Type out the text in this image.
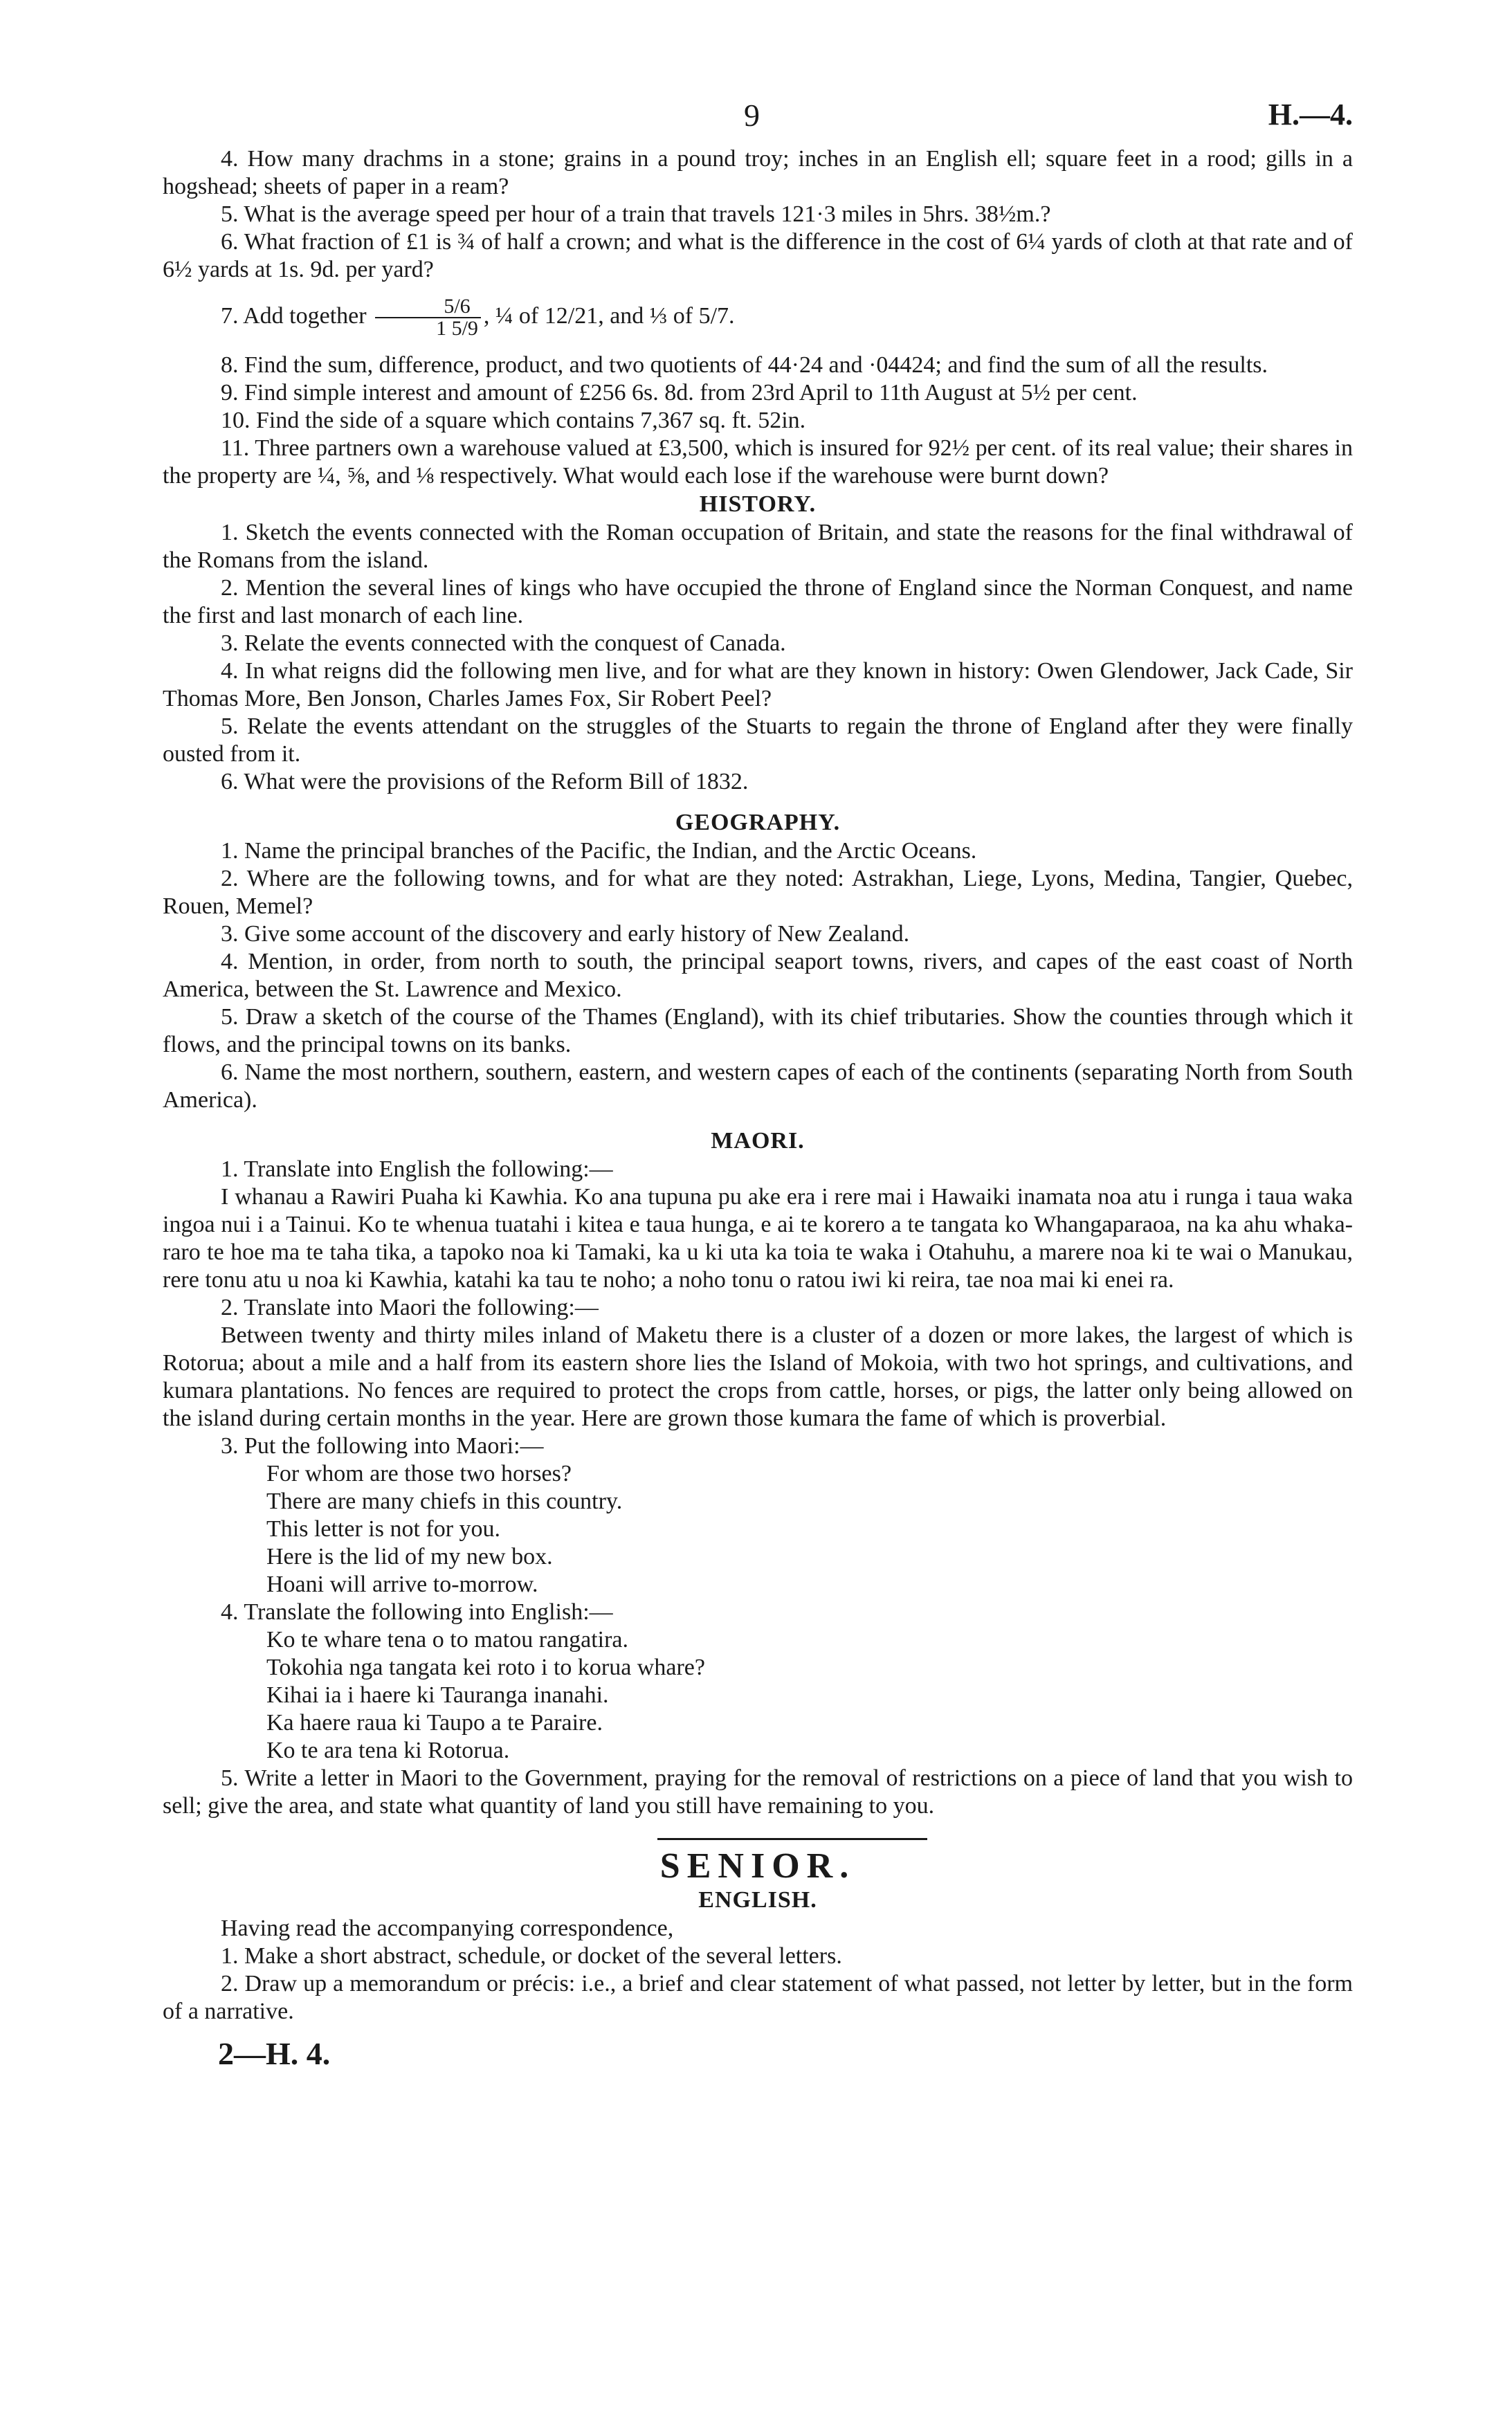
9	H.—4.

4. How many drachms in a stone; grains in a pound troy; inches in an English ell; square feet in a rood; gills in a hogshead; sheets of paper in a ream?

5. What is the average speed per hour of a train that travels 121·3 miles in 5hrs. 38½m.?

6. What fraction of £1 is ¾ of half a crown; and what is the difference in the cost of 6¼ yards of cloth at that rate and of 6½ yards at 1s. 9d. per yard?

7. Add together $\frac{5/6}{1 5/9}$ , ¼ of 12/21, and ⅓ of 5/7.

8. Find the sum, difference, product, and two quotients of 44·24 and ·04424; and find the sum of all the results.

9. Find simple interest and amount of £256 6s. 8d. from 23rd April to 11th August at 5½ per cent.

10. Find the side of a square which contains 7,367 sq. ft. 52in.

11. Three partners own a warehouse valued at £3,500, which is insured for 92½ per cent. of its real value; their shares in the property are ¼, ⅝, and ⅛ respectively. What would each lose if the warehouse were burnt down?

HISTORY.

1. Sketch the events connected with the Roman occupation of Britain, and state the reasons for the final withdrawal of the Romans from the island.

2. Mention the several lines of kings who have occupied the throne of England since the Norman Conquest, and name the first and last monarch of each line.

3. Relate the events connected with the conquest of Canada.

4. In what reigns did the following men live, and for what are they known in history: Owen Glendower, Jack Cade, Sir Thomas More, Ben Jonson, Charles James Fox, Sir Robert Peel?

5. Relate the events attendant on the struggles of the Stuarts to regain the throne of England after they were finally ousted from it.

6. What were the provisions of the Reform Bill of 1832.

GEOGRAPHY.

1. Name the principal branches of the Pacific, the Indian, and the Arctic Oceans.

2. Where are the following towns, and for what are they noted: Astrakhan, Liege, Lyons, Medina, Tangier, Quebec, Rouen, Memel?

3. Give some account of the discovery and early history of New Zealand.

4. Mention, in order, from north to south, the principal seaport towns, rivers, and capes of the east coast of North America, between the St. Lawrence and Mexico.

5. Draw a sketch of the course of the Thames (England), with its chief tributaries. Show the counties through which it flows, and the principal towns on its banks.

6. Name the most northern, southern, eastern, and western capes of each of the continents (separating North from South America).

MAORI.

1. Translate into English the following:—

I whanau a Rawiri Puaha ki Kawhia. Ko ana tupuna pu ake era i rere mai i Hawaiki inamata noa atu i runga i taua waka ingoa nui i a Tainui. Ko te whenua tuatahi i kitea e taua hunga, e ai te korero a te tangata ko Whangaparaoa, na ka ahu whaka-raro te hoe ma te taha tika, a tapoko noa ki Tamaki, ka u ki uta ka toia te waka i Otahuhu, a marere noa ki te wai o Manukau, rere tonu atu u noa ki Kawhia, katahi ka tau te noho; a noho tonu o ratou iwi ki reira, tae noa mai ki enei ra.

2. Translate into Maori the following:—

Between twenty and thirty miles inland of Maketu there is a cluster of a dozen or more lakes, the largest of which is Rotorua; about a mile and a half from its eastern shore lies the Island of Mokoia, with two hot springs, and cultivations, and kumara plantations. No fences are required to protect the crops from cattle, horses, or pigs, the latter only being allowed on the island during certain months in the year. Here are grown those kumara the fame of which is proverbial.

3. Put the following into Maori:—

For whom are those two horses?

There are many chiefs in this country.

This letter is not for you.

Here is the lid of my new box.

Hoani will arrive to-morrow.

4. Translate the following into English:—

Ko te whare tena o to matou rangatira.

Tokohia nga tangata kei roto i to korua whare?

Kihai ia i haere ki Tauranga inanahi.

Ka haere raua ki Taupo a te Paraire.

Ko te ara tena ki Rotorua.

5. Write a letter in Maori to the Government, praying for the removal of restrictions on a piece of land that you wish to sell; give the area, and state what quantity of land you still have remaining to you.

SENIOR.
ENGLISH.

Having read the accompanying correspondence,

1. Make a short abstract, schedule, or docket of the several letters.

2. Draw up a memorandum or précis: i.e., a brief and clear statement of what passed, not letter by letter, but in the form of a narrative.

2—H. 4.
